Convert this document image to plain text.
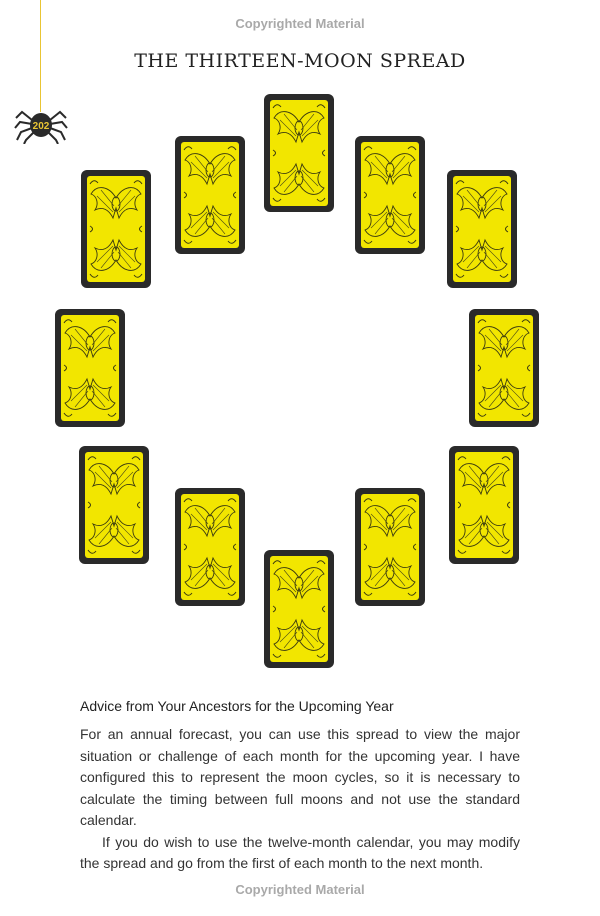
Copyrighted Material
202
THE THIRTEEN-MOON SPREAD
Advice from Your Ancestors for the Upcoming Year

For an annual forecast, you can use this spread to view the major situation or challenge of each month for the upcoming year. I have configured this to represent the moon cycles, so it is necessary to calculate the timing between full moons and not use the standard calendar.

If you do wish to use the twelve-month calendar, you may modify the spread and go from the first of each month to the next month.

Copyrighted Material
